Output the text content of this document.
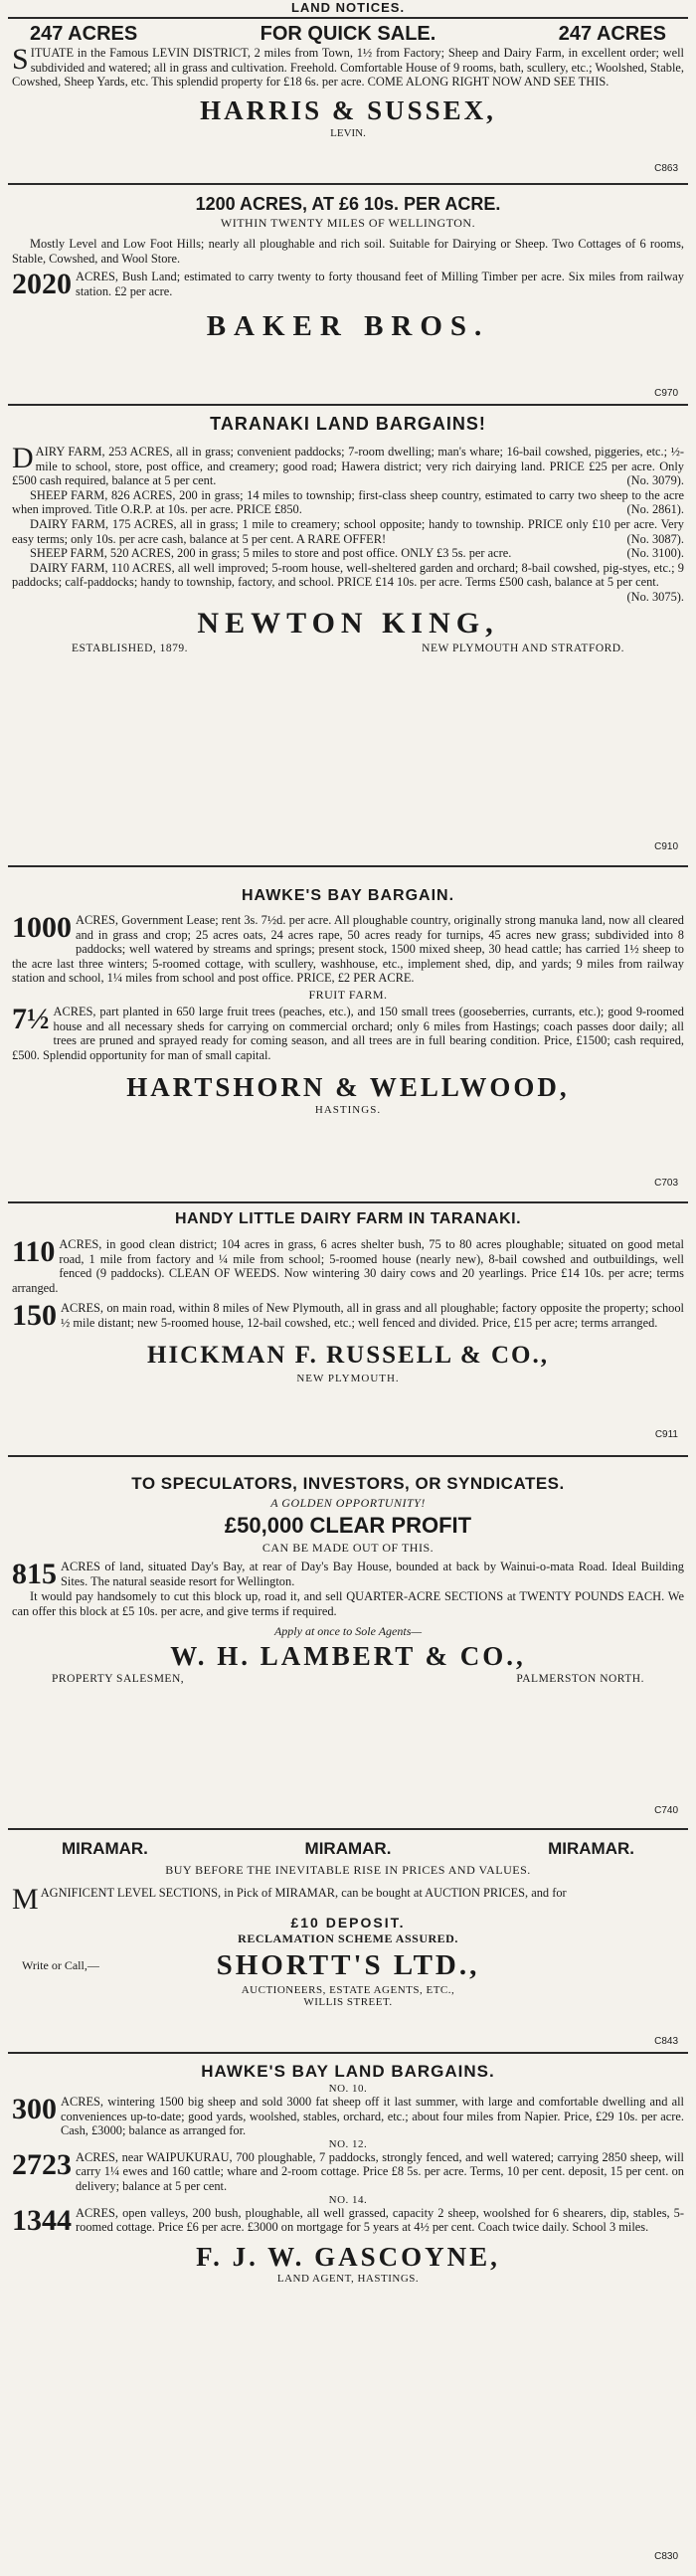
LAND NOTICES.
247 ACRES	FOR QUICK SALE.	247 ACRES

SITUATE in the Famous LEVIN DISTRICT, 2 miles from Town, 1½ from Factory; Sheep and Dairy Farm, in excellent order; well subdivided and watered; all in grass and cultivation. Freehold. Comfortable House of 9 rooms, bath, scullery, etc.; Woolshed, Stable, Cowshed, Sheep Yards, etc. This splendid property for £18 6s. per acre. COME ALONG RIGHT NOW AND SEE THIS.

HARRIS & SUSSEX,
LEVIN.
C863
1200 ACRES, AT £6 10s. PER ACRE.
WITHIN TWENTY MILES OF WELLINGTON.

Mostly Level and Low Foot Hills; nearly all ploughable and rich soil. Suitable for Dairying or Sheep. Two Cottages of 6 rooms, Stable, Cowshed, and Wool Store.

2020 ACRES, Bush Land; estimated to carry twenty to forty thousand feet of Milling Timber per acre. Six miles from railway station. £2 per acre.

BAKER BROS.
C970
TARANAKI LAND BARGAINS!

DAIRY FARM, 253 ACRES, all in grass; convenient paddocks; 7-room dwelling; man's whare; 16-bail cowshed, piggeries, etc.; ½-mile to school, store, post office, and creamery; good road; Hawera district; very rich dairying land. PRICE £25 per acre. Only £500 cash required, balance at 5 per cent.	(No. 3079).

SHEEP FARM, 826 ACRES, 200 in grass; 14 miles to township; first-class sheep country, estimated to carry two sheep to the acre when improved. Title O.R.P. at 10s. per acre. PRICE £850.	(No. 2861).

DAIRY FARM, 175 ACRES, all in grass; 1 mile to creamery; school opposite; handy to township. PRICE only £10 per acre. Very easy terms; only 10s. per acre cash, balance at 5 per cent. A RARE OFFER!	(No. 3087).

SHEEP FARM, 520 ACRES, 200 in grass; 5 miles to store and post office. ONLY £3 5s. per acre.	(No. 3100).

DAIRY FARM, 110 ACRES, all well improved; 5-room house, well-sheltered garden and orchard; 8-bail cowshed, pig-styes, etc.; 9 paddocks; calf-paddocks; handy to township, factory, and school. PRICE £14 10s. per acre. Terms £500 cash, balance at 5 per cent.
(No. 3075).

NEWTON KING,
ESTABLISHED, 1879.	NEW PLYMOUTH AND STRATFORD.
C910
HAWKE'S BAY BARGAIN.

1000 ACRES, Government Lease; rent 3s. 7½d. per acre. All ploughable country, originally strong manuka land, now all cleared and in grass and crop; 25 acres oats, 24 acres rape, 50 acres ready for turnips, 45 acres new grass; subdivided into 8 paddocks; well watered by streams and springs; present stock, 1500 mixed sheep, 30 head cattle; has carried 1½ sheep to the acre last three winters; 5-roomed cottage, with scullery, washhouse, etc., implement shed, dip, and yards; 9 miles from railway station and school, 1¼ miles from school and post office. PRICE, £2 PER ACRE.

FRUIT FARM.

7½ ACRES, part planted in 650 large fruit trees (peaches, etc.), and 150 small trees (gooseberries, currants, etc.); good 9-roomed house and all necessary sheds for carrying on commercial orchard; only 6 miles from Hastings; coach passes door daily; all trees are pruned and sprayed ready for coming season, and all trees are in full bearing condition. Price, £1500; cash required, £500. Splendid opportunity for man of small capital.

HARTSHORN & WELLWOOD,
HASTINGS.
C703
HANDY LITTLE DAIRY FARM IN TARANAKI.

110 ACRES, in good clean district; 104 acres in grass, 6 acres shelter bush, 75 to 80 acres ploughable; situated on good metal road, 1 mile from factory and ¼ mile from school; 5-roomed house (nearly new), 8-bail cowshed and outbuildings, well fenced (9 paddocks). CLEAN OF WEEDS. Now wintering 30 dairy cows and 20 yearlings. Price £14 10s. per acre; terms arranged.

150 ACRES, on main road, within 8 miles of New Plymouth, all in grass and all ploughable; factory opposite the property; school ½ mile distant; new 5-roomed house, 12-bail cowshed, etc.; well fenced and divided. Price, £15 per acre; terms arranged.

HICKMAN F. RUSSELL & CO.,
NEW PLYMOUTH.
C911
TO SPECULATORS, INVESTORS, OR SYNDICATES.
A GOLDEN OPPORTUNITY!
£50,000 CLEAR PROFIT
CAN BE MADE OUT OF THIS.

815 ACRES of land, situated Day's Bay, at rear of Day's Bay House, bounded at back by Wainui-o-mata Road. Ideal Building Sites. The natural seaside resort for Wellington.

It would pay handsomely to cut this block up, road it, and sell QUARTER-ACRE SECTIONS at TWENTY POUNDS EACH. We can offer this block at £5 10s. per acre, and give terms if required.

Apply at once to Sole Agents—
W. H. LAMBERT & CO.,
PROPERTY SALESMEN,	PALMERSTON NORTH.
C740
MIRAMAR.	MIRAMAR.	MIRAMAR.
BUY BEFORE THE INEVITABLE RISE IN PRICES AND VALUES.

MAGNIFICENT LEVEL SECTIONS, in Pick of MIRAMAR, can be bought at AUCTION PRICES, and for

£10 DEPOSIT.
RECLAMATION SCHEME ASSURED.
Write or Call,—	SHORTT'S LTD.,
AUCTIONEERS, ESTATE AGENTS, ETC.,
WILLIS STREET.
C843
HAWKE'S BAY LAND BARGAINS.
NO. 10.

300 ACRES, wintering 1500 big sheep and sold 3000 fat sheep off it last summer, with large and comfortable dwelling and all conveniences up-to-date; good yards, woolshed, stables, orchard, etc.; about four miles from Napier. Price, £29 10s. per acre. Cash, £3000; balance as arranged for.

NO. 12.

2723 ACRES, near WAIPUKURAU, 700 ploughable, 7 paddocks, strongly fenced, and well watered; carrying 2850 sheep, will carry 1¼ ewes and 160 cattle; whare and 2-room cottage. Price £8 5s. per acre. Terms, 10 per cent. deposit, 15 per cent. on delivery; balance at 5 per cent.

NO. 14.

1344 ACRES, open valleys, 200 bush, ploughable, all well grassed, capacity 2 sheep, woolshed for 6 shearers, dip, stables, 5-roomed cottage. Price £6 per acre. £3000 on mortgage for 5 years at 4½ per cent. Coach twice daily. School 3 miles.

F. J. W. GASCOYNE,
LAND AGENT, HASTINGS.
C830
